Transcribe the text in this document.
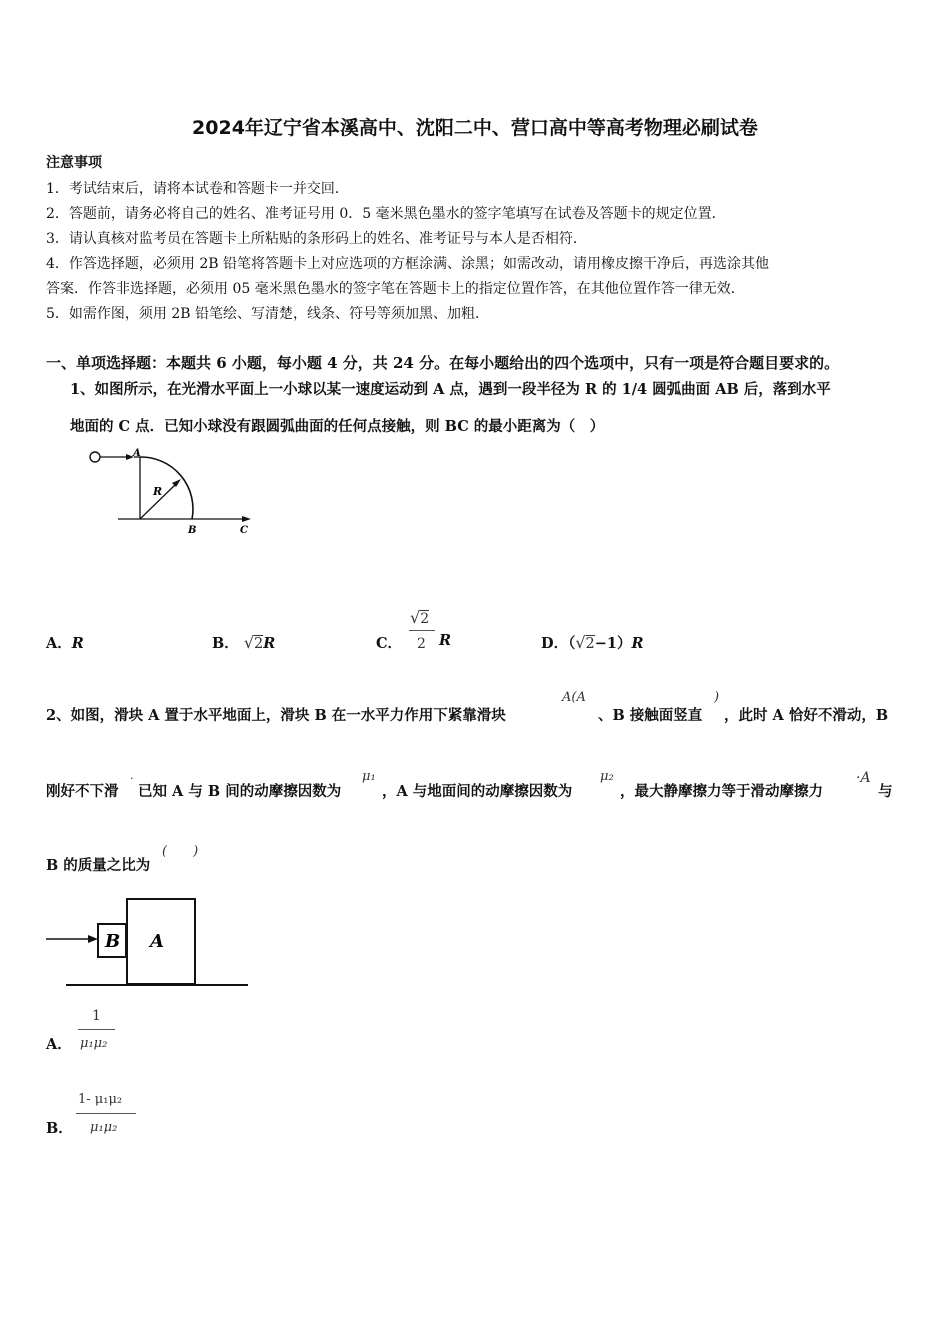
2024年辽宁省本溪高中、沈阳二中、营口高中等高考物理必刷试卷
注意事项
1．考试结束后，请将本试卷和答题卡一并交回．
2．答题前，请务必将自己的姓名、准考证号用 0．5 毫米黑色墨水的签字笔填写在试卷及答题卡的规定位置．
3．请认真核对监考员在答题卡上所粘贴的条形码上的姓名、准考证号与本人是否相符．
4．作答选择题，必须用 2B 铅笔将答题卡上对应选项的方框涂满、涂黑；如需改动，请用橡皮擦干净后，再选涂其他
答案．作答非选择题，必须用 05 毫米黑色墨水的签字笔在答题卡上的指定位置作答，在其他位置作答一律无效．
5．如需作图，须用 2B 铅笔绘、写清楚，线条、符号等须加黑、加粗．
一、单项选择题：本题共 6 小题，每小题 4 分，共 24 分。在每小题给出的四个选项中，只有一项是符合题目要求的。
1、如图所示，在光滑水平面上一小球以某一速度运动到 A 点，遇到一段半径为 R 的 1/4 圆弧曲面 AB 后，落到水平
地面的 C 点．已知小球没有跟圆弧曲面的任何点接触，则 BC 的最小距离为（　）
A
R
B	C
A．R	B． √2R	C．
√2
2 R	D．（√2−1）R
2、如图，滑块 A 置于水平地面上，滑块 B 在一水平力作用下紧靠滑块
A(A
、B 接触面竖直
)
，此时 A 恰好不滑动，B
刚好不下滑
·
已知 A 与 B 间的动摩擦因数为
μ₁
，A 与地面间的动摩擦因数为
μ₂
，最大静摩擦力等于滑动摩擦力
·A
与
B 的质量之比为
(　　)
B A
A．
1
μ₁μ₂
B．
1- μ₁μ₂
μ₁μ₂
